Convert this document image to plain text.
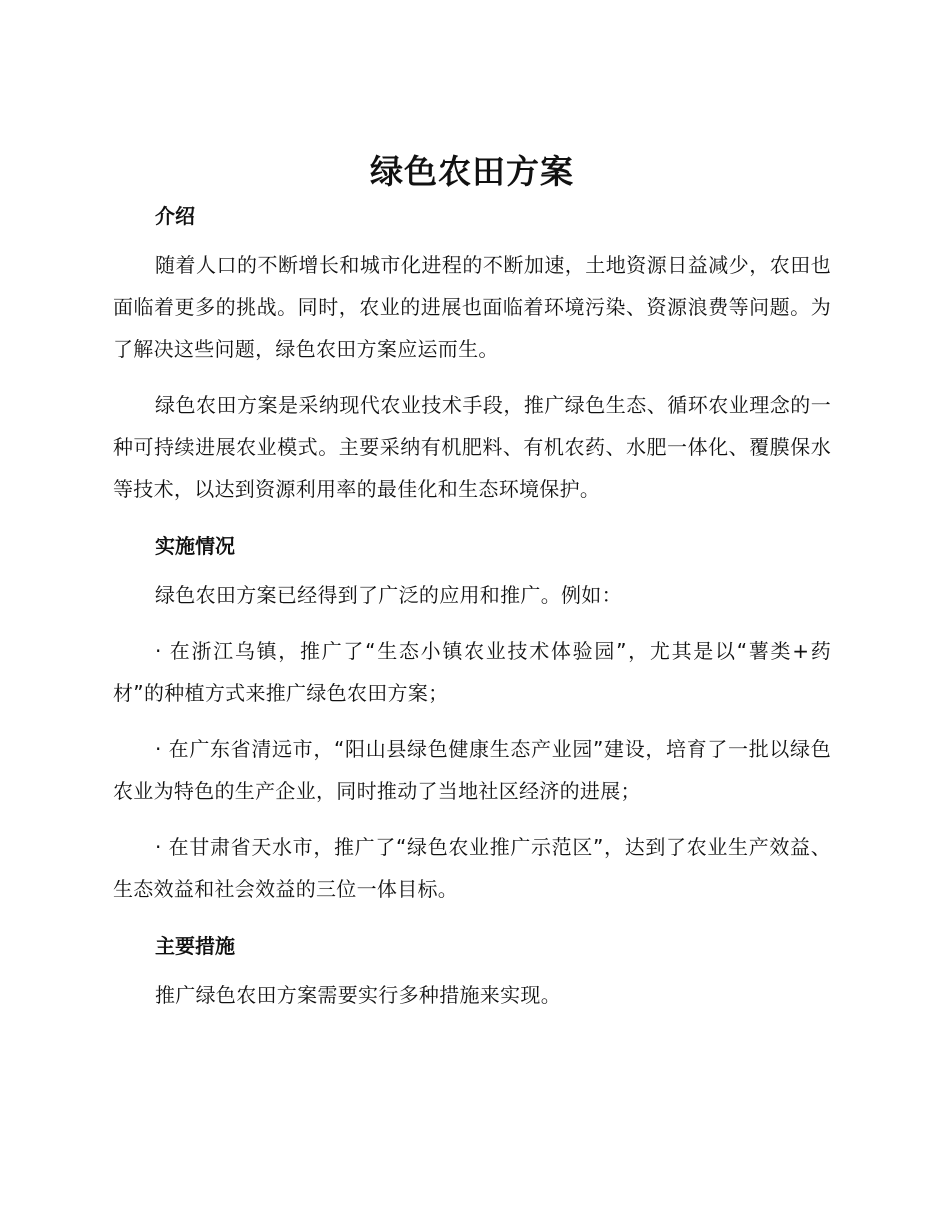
绿色农田方案
介绍

随着人口的不断增长和城市化进程的不断加速，土地资源日益减少，农田也面临着更多的挑战。同时，农业的进展也面临着环境污染、资源浪费等问题。为了解决这些问题，绿色农田方案应运而生。

绿色农田方案是采纳现代农业技术手段，推广绿色生态、循环农业理念的一种可持续进展农业模式。主要采纳有机肥料、有机农药、水肥一体化、覆膜保水等技术，以达到资源利用率的最佳化和生态环境保护。

实施情况

绿色农田方案已经得到了广泛的应用和推广。例如：

· 在浙江乌镇，推广了“生态小镇农业技术体验园”，尤其是以“薯类+药材”的种植方式来推广绿色农田方案；

· 在广东省清远市，“阳山县绿色健康生态产业园”建设，培育了一批以绿色农业为特色的生产企业，同时推动了当地社区经济的进展；

· 在甘肃省天水市，推广了“绿色农业推广示范区”，达到了农业生产效益、生态效益和社会效益的三位一体目标。

主要措施

推广绿色农田方案需要实行多种措施来实现。
